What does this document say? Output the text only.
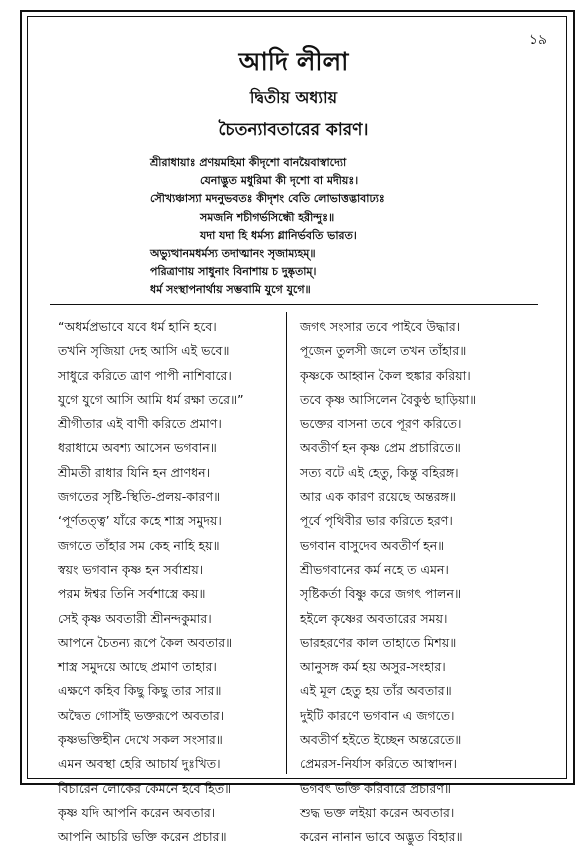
১৯
আদি লীলা
দ্বিতীয় অধ্যায়
চৈতন্যাবতারের কারণ।
শ্রীরাধায়াঃ প্রণয়মহিমা কীদৃশো বানয়ৈবাস্বাদ্যো
যেনাদ্ভুত মধুরিমা কী দৃশো বা মদীয়ঃ।
সৌখ্যঞ্চাস্যা মদনুভবতঃ কীদৃশং বেতি লোভাত্তদ্ভাবাঢ্যঃ
সমজনি শচীগর্ভসিন্ধৌ হরীন্দুঃ॥
যদা যদা হি ধর্মস্য গ্লানির্ভবতি ভারত।
অভ্যুত্থানমধর্মস্য তদাত্মানং সৃজাম্যহম্॥
পরিত্রাণায় সাধুনাং বিনাশায় চ দুষ্কৃতাম্।
ধর্ম সংস্থাপনার্থায় সম্ভবামি যুগে যুগে॥
“অধর্মপ্রভাবে যবে ধর্ম হানি হবে।
তখনি সৃজিয়া দেহ আসি এই ভবে॥
সাধুরে করিতে ত্রাণ পাপী নাশিবারে।
যুগে যুগে আসি আমি ধর্ম রক্ষা তরে॥”
শ্রীগীতার এই বাণী করিতে প্রমাণ।
ধরাধামে অবশ্য আসেন ভগবান॥
শ্রীমতী রাধার যিনি হন প্রাণধন।
জগতের সৃষ্টি-স্থিতি-প্রলয়-কারণ॥
‘পূর্ণতত্ত্ব’ যাঁরে কহে শাস্ত্র সমুদয়।
জগতে তাঁহার সম কেহ নাহি হয়॥
স্বয়ং ভগবান কৃষ্ণ হন সর্বাশ্রয়।
পরম ঈশ্বর তিনি সর্বশাস্ত্রে কয়॥
সেই কৃষ্ণ অবতারী শ্রীনন্দকুমার।
আপনে চৈতন্য রূপে কৈল অবতার॥
শাস্ত্র সমুদয়ে আছে প্রমাণ তাহার।
এক্ষণে কহিব কিছু কিছু তার সার॥
অদ্বৈত গোসাঁই ভক্তরূপে অবতার।
কৃষ্ণভক্তিহীন দেখে সকল সংসার॥
এমন অবস্থা হেরি আচার্য দুঃখিত।
বিচারেন লোকের কেমনে হবে হিত॥
কৃষ্ণ যদি আপনি করেন অবতার।
আপনি আচরি ভক্তি করেন প্রচার॥
জগৎ সংসার তবে পাইবে উদ্ধার।
পূজেন তুলসী জলে তখন তাঁহার॥
কৃষ্ণকে আহ্বান কৈল হুঙ্কার করিয়া।
তবে কৃষ্ণ আসিলেন বৈকুণ্ঠ ছাড়িয়া॥
ভক্তের বাসনা তবে পূরণ করিতে।
অবতীর্ণ হন কৃষ্ণ প্রেম প্রচারিতে॥
সত্য বটে এই হেতু, কিন্তু বহিরঙ্গ।
আর এক কারণ রয়েছে অন্তরঙ্গ॥
পূর্বে পৃথিবীর ভার করিতে হরণ।
ভগবান বাসুদেব অবতীর্ণ হন॥
শ্রীভগবানের কর্ম নহে ত এমন।
সৃষ্টিকর্তা বিষ্ণু করে জগৎ পালন॥
হইলে কৃষ্ণের অবতারের সময়।
ভারহরণের কাল তাহাতে মিশয়॥
আনুসঙ্গ কর্ম হয় অসুর-সংহার।
এই মূল হেতু হয় তাঁর অবতার॥
দুইটি কারণে ভগবান এ জগতে।
অবতীর্ণ হইতে ইচ্ছেন অন্তরেতে॥
প্রেমরস-নির্যাস করিতে আস্বাদন।
ভগবৎ ভক্তি করিবারে প্রচারণ॥
শুদ্ধ ভক্ত লইয়া করেন অবতার।
করেন নানান ভাবে অদ্ভুত বিহার॥
